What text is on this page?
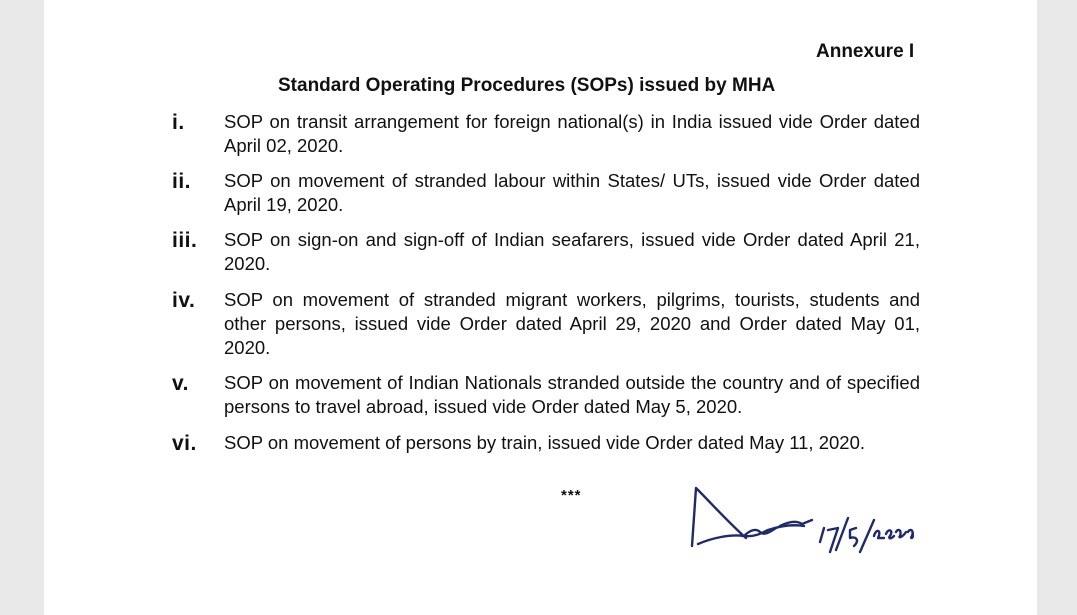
Annexure I
Standard Operating Procedures (SOPs) issued by MHA
i.	SOP on transit arrangement for foreign national(s) in India issued vide Order dated April 02, 2020.
ii.	SOP on movement of stranded labour within States/ UTs, issued vide Order dated April 19, 2020.
iii.	SOP on sign-on and sign-off of Indian seafarers, issued vide Order dated April 21, 2020.
iv.	SOP on movement of stranded migrant workers, pilgrims, tourists, students and other persons, issued vide Order dated April 29, 2020 and Order dated May 01, 2020.
v.	SOP on movement of Indian Nationals stranded outside the country and of specified persons to travel abroad, issued vide Order dated May 5, 2020.
vi.	SOP on movement of persons by train, issued vide Order dated May 11, 2020.
***
